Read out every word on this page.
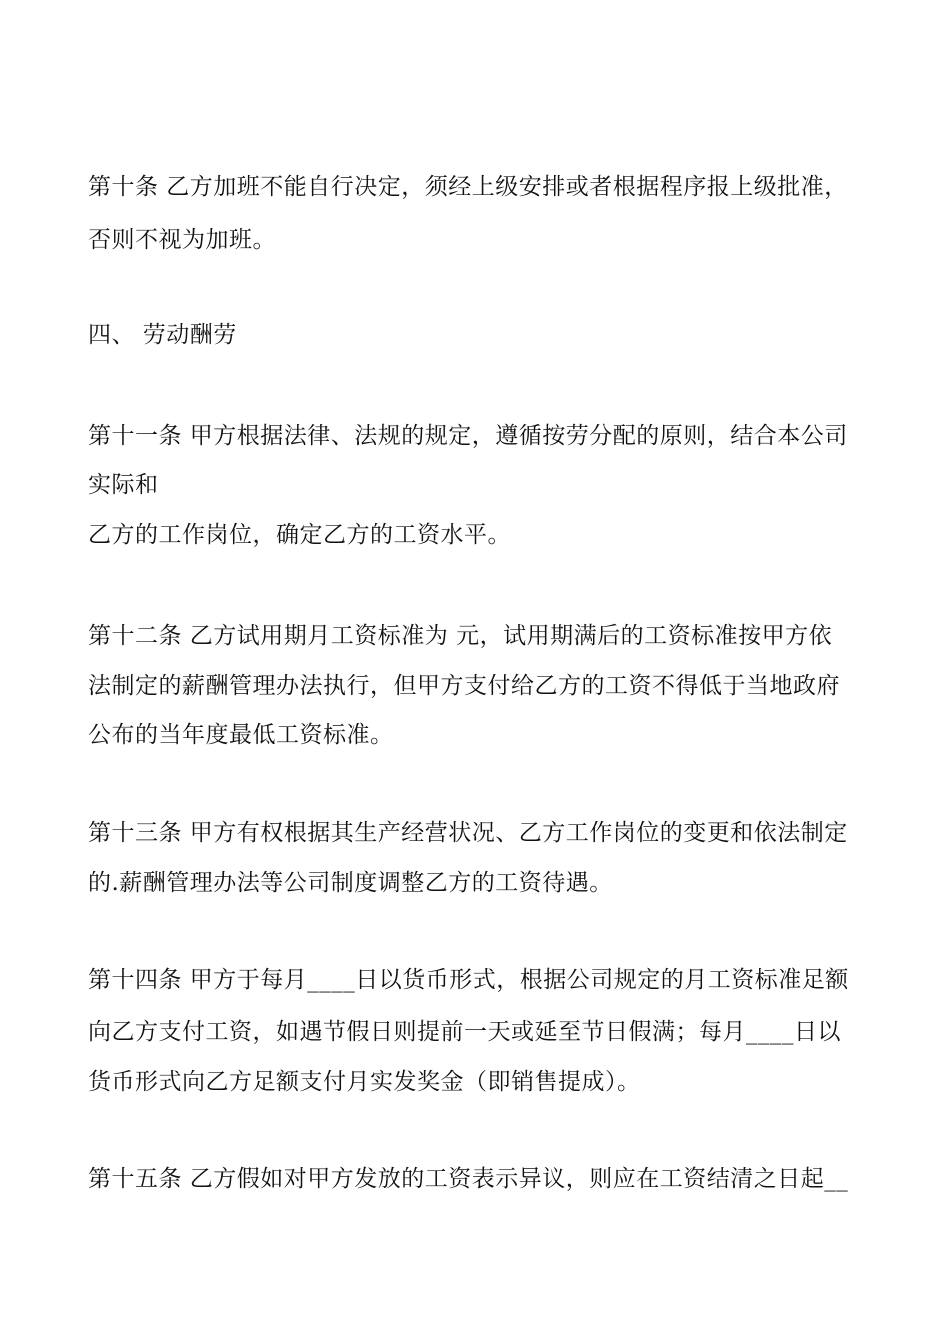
第十条 乙方加班不能自行决定，须经上级安排或者根据程序报上级批准，
否则不视为加班。
四、 劳动酬劳
第十一条 甲方根据法律、法规的规定，遵循按劳分配的原则，结合本公司
实际和
乙方的工作岗位，确定乙方的工资水平。
第十二条 乙方试用期月工资标准为 元，试用期满后的工资标准按甲方依
法制定的薪酬管理办法执行，但甲方支付给乙方的工资不得低于当地政府
公布的当年度最低工资标准。
第十三条 甲方有权根据其生产经营状况、乙方工作岗位的变更和依法制定
的.薪酬管理办法等公司制度调整乙方的工资待遇。
第十四条 甲方于每月____日以货币形式，根据公司规定的月工资标准足额
向乙方支付工资，如遇节假日则提前一天或延至节日假满；每月____日以
货币形式向乙方足额支付月实发奖金（即销售提成）。
第十五条 乙方假如对甲方发放的工资表示异议，则应在工资结清之日起__
